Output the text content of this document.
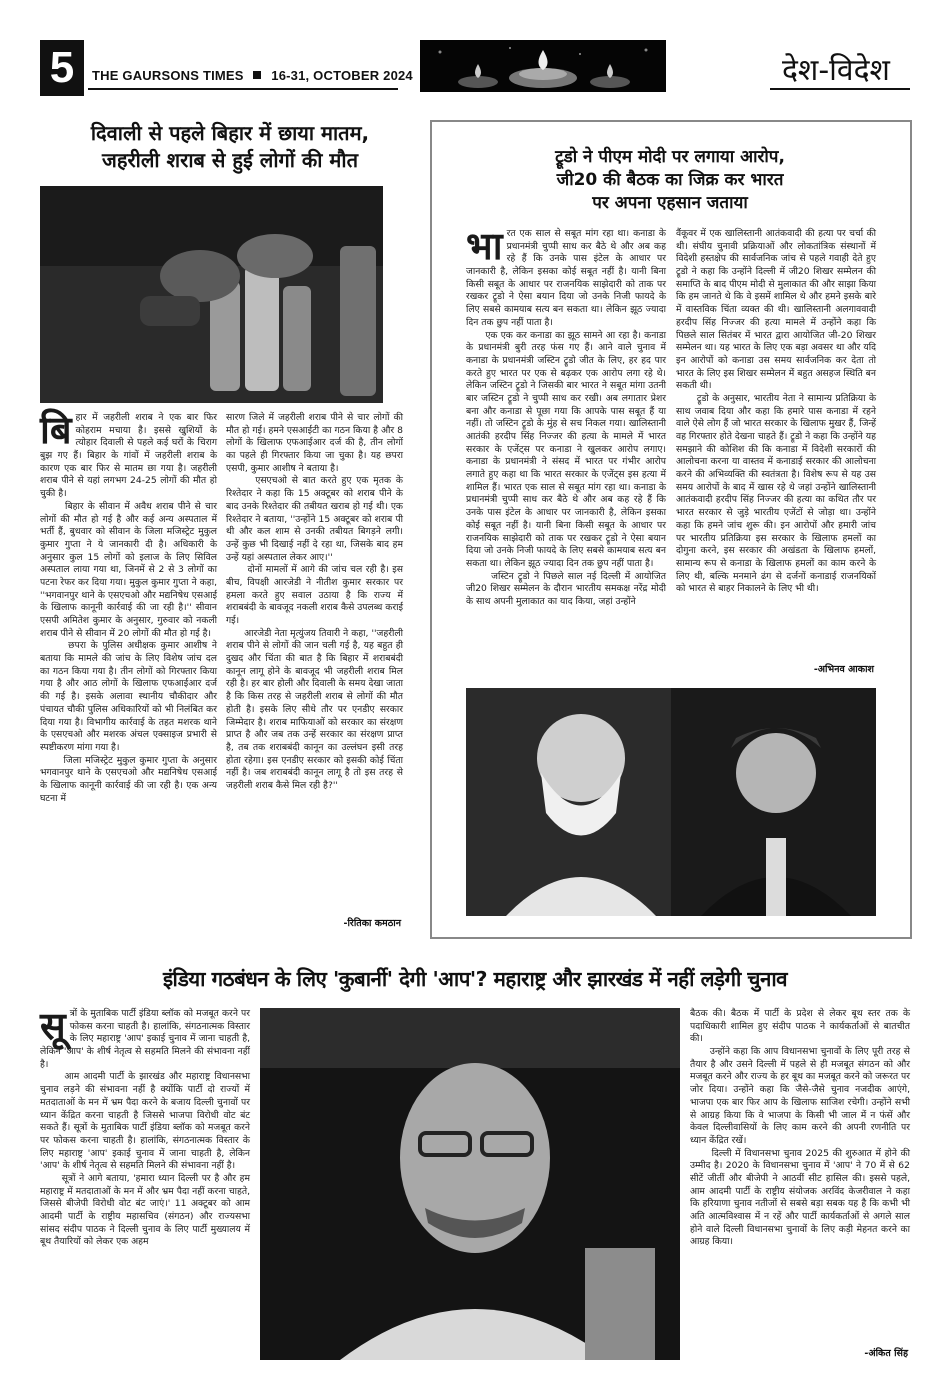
5	THE GAURSONS TIMES 16-31, OCTOBER 2024	देश-विदेश
दिवाली से पहले बिहार में छाया मातम,
जहरीली शराब से हुई लोगों की मौत
बिहार में जहरीली शराब ने एक बार फिर कोहराम मचाया है। इससे खुशियों के त्योहार दिवाली से पहले कई घरों के चिराग बुझ गए हैं। बिहार के गांवों में जहरीली शराब के कारण एक बार फिर से मातम छा गया है। जहरीली शराब पीने से यहां लगभग 24-25 लोगों की मौत हो चुकी है।
बिहार के सीवान में अवैध शराब पीने से चार लोगों की मौत हो गई है और कई अन्य अस्पताल में भर्ती हैं, बुधवार को सीवान के जिला मजिस्ट्रेट मुकुल कुमार गुप्ता ने ये जानकारी दी है। अधिकारी के अनुसार कुल 15 लोगों को इलाज के लिए सिविल अस्पताल लाया गया था, जिनमें से 2 से 3 लोगों का पटना रेफर कर दिया गया। मुकुल कुमार गुप्ता ने कहा, ''भगवानपुर थाने के एसएचओ और मद्यनिषेध एसआई के खिलाफ कानूनी कार्रवाई की जा रही है।'' सीवान एसपी अमितेश कुमार के अनुसार, गुरुवार को नकली शराब पीने से सीवान में 20 लोगों की मौत हो गई है।
छपरा के पुलिस अधीक्षक कुमार आशीष ने बताया कि मामले की जांच के लिए विशेष जांच दल का गठन किया गया है। तीन लोगों को गिरफ्तार किया गया है और आठ लोगों के खिलाफ एफआईआर दर्ज की गई है। इसके अलावा स्थानीय चौकीदार और पंचायत चौकी पुलिस अधिकारियों को भी निलंबित कर दिया गया है। विभागीय कार्रवाई के तहत मशरक थाने के एसएचओ और मशरक अंचल एक्साइज प्रभारी से स्पष्टीकरण मांगा गया है।
जिला मजिस्ट्रेट मुकुल कुमार गुप्ता के अनुसार भगवानपुर थाने के एसएचओ और मद्यनिषेध एसआई के खिलाफ कानूनी कार्रवाई की जा रही है। एक अन्य घटना में
सारण जिले में जहरीली शराब पीने से चार लोगों की मौत हो गई। हमने एसआईटी का गठन किया है और 8 लोगों के खिलाफ एफआईआर दर्ज की है, तीन लोगों का पहले ही गिरफ्तार किया जा चुका है। यह छपरा एसपी, कुमार आशीष ने बताया है।
एसएचओ से बात करते हुए एक मृतक के रिश्तेदार ने कहा कि 15 अक्टूबर को शराब पीने के बाद उनके रिश्तेदार की तबीयत खराब हो गई थी। एक रिश्तेदार ने बताया, ''उन्होंने 15 अक्टूबर को शराब पी थी और कल शाम से उनकी तबीयत बिगड़ने लगी। उन्हें कुछ भी दिखाई नहीं दे रहा था, जिसके बाद हम उन्हें यहां अस्पताल लेकर आए।''
दोनों मामलों में आगे की जांच चल रही है। इस बीच, विपक्षी आरजेडी ने नीतीश कुमार सरकार पर हमला करते हुए सवाल उठाया है कि राज्य में शराबबंदी के बावजूद नकली शराब कैसे उपलब्ध कराई गई।
आरजेडी नेता मृत्युंजय तिवारी ने कहा, ''जहरीली शराब पीने से लोगों की जान चली गई है, यह बहुत ही दुखद और चिंता की बात है कि बिहार में शराबबंदी कानून लागू होने के बावजूद भी जहरीली शराब मिल रही है। हर बार होली और दिवाली के समय देखा जाता है कि किस तरह से जहरीली शराब से लोगों की मौत होती है। इसके लिए सीधे तौर पर एनडीए सरकार जिम्मेदार है। शराब माफियाओं को सरकार का संरक्षण प्राप्त है और जब तक उन्हें सरकार का संरक्षण प्राप्त है, तब तक शराबबंदी कानून का उल्लंघन इसी तरह होता रहेगा। इस एनडीए सरकार को इसकी कोई चिंता नहीं है। जब शराबबंदी कानून लागू है तो इस तरह से जहरीली शराब कैसे मिल रही है?''
-रितिका कमठान
ट्रूडो ने पीएम मोदी पर लगाया आरोप,
जी20 की बैठक का जिक्र कर भारत
पर अपना एहसान जताया
भारत एक साल से सबूत मांग रहा था। कनाडा के प्रधानमंत्री चुप्पी साध कर बैठे थे और अब कह रहे हैं कि उनके पास इंटेल के आधार पर जानकारी है, लेकिन इसका कोई सबूत नहीं है। यानी बिना किसी सबूत के आधार पर राजनयिक साझेदारी को ताक पर रखकर ट्रूडो ने ऐसा बयान दिया जो उनके निजी फायदे के लिए सबसे कामयाब सत्य बन सकता था। लेकिन झूठ ज्यादा दिन तक छुप नहीं पाता है।
एक एक कर कनाडा का झूठ सामने आ रहा है। कनाडा के प्रधानमंत्री बुरी तरह फंस गए हैं। आने वाले चुनाव में कनाडा के प्रधानमंत्री जस्टिन ट्रूडो जीत के लिए, हर हद पार करते हुए भारत पर एक से बढ़कर एक आरोप लगा रहे थे। लेकिन जस्टिन ट्रूडो ने जिसकी बार भारत ने सबूत मांगा उतनी बार जस्टिन ट्रूडो ने चुप्पी साध कर रखी। अब लगातार प्रेशर बना और कनाडा से पूछा गया कि आपके पास सबूत हैं या नहीं। तो जस्टिन ट्रूडो के मुंह से सच निकल गया। खालिस्तानी आतंकी हरदीप सिंह निज्जर की हत्या के मामले में भारत सरकार के एजेंट्स पर कनाडा ने खुलकर आरोप लगाए। कनाडा के प्रधानमंत्री ने संसद में भारत पर गंभीर आरोप लगाते हुए कहा था कि भारत सरकार के एजेंट्स इस हत्या में शामिल हैं। भारत एक साल से सबूत मांग रहा था। कनाडा के प्रधानमंत्री चुप्पी साध कर बैठे थे और अब कह रहे हैं कि उनके पास इंटेल के आधार पर जानकारी है, लेकिन इसका कोई सबूत नहीं है। यानी बिना किसी सबूत के आधार पर राजनयिक साझेदारी को ताक पर रखकर ट्रूडो ने ऐसा बयान दिया जो उनके निजी फायदे के लिए सबसे कामयाब सत्य बन सकता था। लेकिन झूठ ज्यादा दिन तक छुप नहीं पाता है।
जस्टिन ट्रूडो ने पिछले साल नई दिल्ली में आयोजित जी20 शिखर सम्मेलन के दौरान भारतीय समकक्ष नरेंद्र मोदी के साथ अपनी मुलाकात का याद किया, जहां उन्होंने
वैंकूवर में एक खालिस्तानी आतंकवादी की हत्या पर चर्चा की थी। संघीय चुनावी प्रक्रियाओं और लोकतांत्रिक संस्थानों में विदेशी हस्तक्षेप की सार्वजनिक जांच से पहले गवाही देते हुए ट्रूडो ने कहा कि उन्होंने दिल्ली में जी20 शिखर सम्मेलन की समाप्ति के बाद पीएम मोदी से मुलाकात की और साझा किया कि हम जानते थे कि वे इसमें शामिल थे और हमने इसके बारे में वास्तविक चिंता व्यक्त की थी। खालिस्तानी अलगाववादी हरदीप सिंह निज्जर की हत्या मामले में उन्होंने कहा कि पिछले साल सितंबर में भारत द्वारा आयोजित जी-20 शिखर सम्मेलन था। यह भारत के लिए एक बड़ा अवसर था और यदि इन आरोपों को कनाडा उस समय सार्वजनिक कर देता तो भारत के लिए इस शिखर सम्मेलन में बहुत असहज स्थिति बन सकती थी।
ट्रूडो के अनुसार, भारतीय नेता ने सामान्य प्रतिक्रिया के साथ जवाब दिया और कहा कि हमारे पास कनाडा में रहने वाले ऐसे लोग हैं जो भारत सरकार के खिलाफ मुखर हैं, जिन्हें वह गिरफ्तार होते देखना चाहते हैं। ट्रूडो ने कहा कि उन्होंने यह समझाने की कोशिश की कि कनाडा में विदेशी सरकारों की आलोचना करना या वास्तव में कनाडाई सरकार की आलोचना करने की अभिव्यक्ति की स्वतंत्रता है। विशेष रूप से यह उस समय आरोपों के बाद में खास रहे थे जहां उन्होंने खालिस्तानी आतंकवादी हरदीप सिंह निज्जर की हत्या का कथित तौर पर भारत सरकार से जुड़े भारतीय एजेंटों से जोड़ा था। उन्होंने कहा कि हमने जांच शुरू की। इन आरोपों और हमारी जांच पर भारतीय प्रतिक्रिया इस सरकार के खिलाफ हमलों का दोगुना करने, इस सरकार की अखंडता के खिलाफ हमलों, सामान्य रूप से कनाडा के खिलाफ हमलों का काम करने के लिए थी, बल्कि मनमाने ढंग से दर्जनों कनाडाई राजनयिकों को भारत से बाहर निकालने के लिए भी थी।
-अभिनव आकाश
इंडिया गठबंधन के लिए 'कुबार्नी' देगी 'आप'? महाराष्ट्र और झारखंड में नहीं लड़ेगी चुनाव
सूत्रों के मुताबिक पार्टी इंडिया ब्लॉक को मजबूत करने पर फोकस करना चाहती है। हालांकि, संगठनात्मक विस्तार के लिए महाराष्ट्र 'आप' इकाई चुनाव में जाना चाहती है, लेकिन 'आप' के शीर्ष नेतृत्व से सहमति मिलने की संभावना नहीं है।
आम आदमी पार्टी के झारखंड और महाराष्ट्र विधानसभा चुनाव लड़ने की संभावना नहीं है क्योंकि पार्टी दो राज्यों में मतदाताओं के मन में भ्रम पैदा करने के बजाय दिल्ली चुनावों पर ध्यान केंद्रित करना चाहती है जिससे भाजपा विरोधी वोट बंट सकते हैं। सूत्रों के मुताबिक पार्टी इंडिया ब्लॉक को मजबूत करने पर फोकस करना चाहती है। हालांकि, संगठनात्मक विस्तार के लिए महाराष्ट्र 'आप' इकाई चुनाव में जाना चाहती है, लेकिन 'आप' के शीर्ष नेतृत्व से सहमति मिलने की संभावना नहीं है।
सूत्रों ने आगे बताया, 'हमारा ध्यान दिल्ली पर है और हम महाराष्ट्र में मतदाताओं के मन में और भ्रम पैदा नहीं करना चाहते, जिससे बीजेपी विरोधी वोट बंट जाएं।' 11 अक्टूबर को आम आदमी पार्टी के राष्ट्रीय महासचिव (संगठन) और राज्यसभा सांसद संदीप पाठक ने दिल्ली चुनाव के लिए पार्टी मुख्यालय में बूथ तैयारियों को लेकर एक अहम
बैठक की। बैठक में पार्टी के प्रदेश से लेकर बूथ स्तर तक के पदाधिकारी शामिल हुए संदीप पाठक ने कार्यकर्ताओं से बातचीत की।
उन्होंने कहा कि आप विधानसभा चुनावों के लिए पूरी तरह से तैयार है और उसने दिल्ली में पहले से ही मजबूत संगठन को और मजबूत करने और राज्य के हर बूथ का मजबूत करने को जरूरत पर जोर दिया। उन्होंने कहा कि जैसे-जैसे चुनाव नजदीक आएंगे, भाजपा एक बार फिर आप के खिलाफ साजिश रचेगी। उन्होंने सभी से आग्रह किया कि वे भाजपा के किसी भी जाल में न फंसें और केवल दिल्लीवासियों के लिए काम करने की अपनी रणनीति पर ध्यान केंद्रित रखें।
दिल्ली में विधानसभा चुनाव 2025 की शुरुआत में होने की उम्मीद है। 2020 के विधानसभा चुनाव में 'आप' ने 70 में से 62 सीटें जीतीं और बीजेपी ने आठवीं सीट हासिल की। इससे पहले, आम आदमी पार्टी के राष्ट्रीय संयोजक अरविंद केजरीवाल ने कहा कि हरियाणा चुनाव नतीजों से सबसे बड़ा सबक यह है कि कभी भी अति आत्मविश्वास में न रहें और पार्टी कार्यकर्ताओं से अगले साल होने वाले दिल्ली विधानसभा चुनावों के लिए कड़ी मेहनत करने का आग्रह किया।
-अंकित सिंह
